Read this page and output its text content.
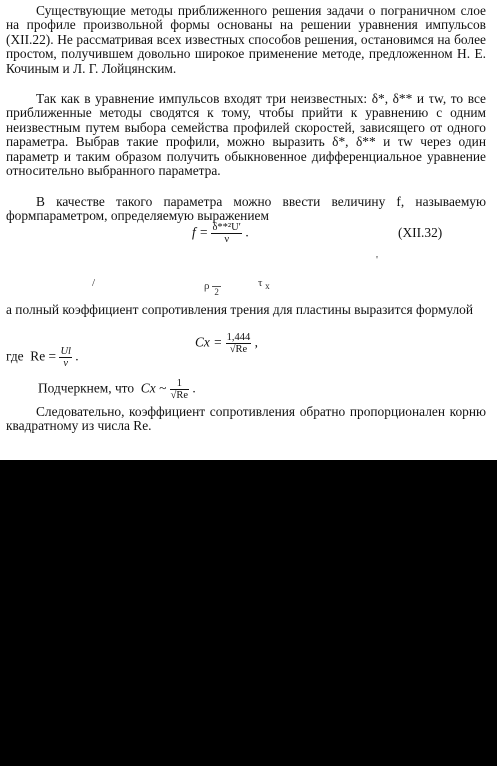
Существующие методы приближенного решения задачи о пограничном слое на профиле произвольной формы основаны на решении уравнения импульсов (XII.22). Не рассматривая всех известных способов решения, остановимся на более простом, получившем довольно широкое применение методе, предложенном Н. Е. Кочиным и Л. Г. Лойцянским.

Так как в уравнение импульсов входят три неизвестных: δ*, δ** и τw, то все приближенные методы сводятся к тому, чтобы прийти к уравнению с одним неизвестным путем выбора семейства профилей скоростей, зависящего от одного параметра. Выбрав такие профили, можно выразить δ*, δ** и τw через один параметр и таким образом получить обыкновенное дифференциальное уравнение относительно выбранного параметра.

В качестве такого параметра можно ввести величину f, называемую формпараметром, определяемую выражением

$f = \frac{\text{δ**²U′}}{\nu}$ .	(XII.32)
'
/	ρ
2
τ $_x$

а полный коэффициент сопротивления трения для пластины выразится формулой

$Cx = \frac{1,444}{√Re}$ ,
где $Re = \frac{Ul}{\nu}$ .
Подчеркнем, что Cx ~ $\frac{1}{√Re}$ .

Следовательно, коэффициент сопротивления обратно пропорционален корню квадратному из числа Re.
